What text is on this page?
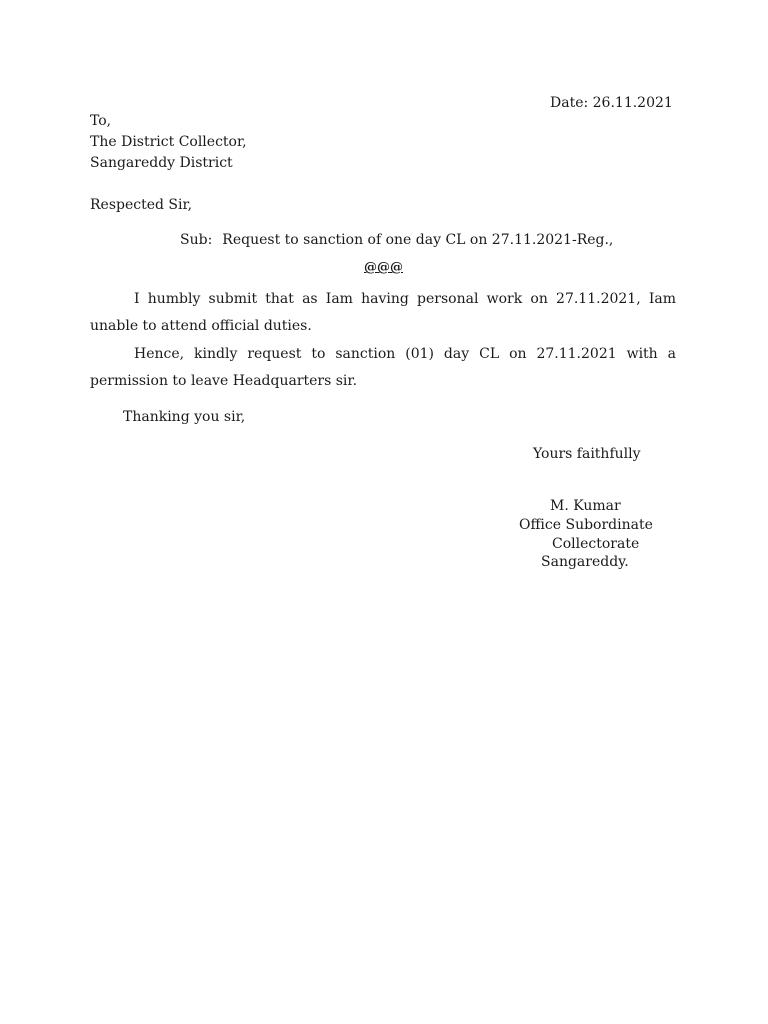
Date: 26.11.2021
To,
The District Collector,
Sangareddy District
Respected Sir,
Sub: Request to sanction of one day CL on 27.11.2021-Reg.,
@@@
I humbly submit that as Iam having personal work on 27.11.2021, Iam unable to attend official duties.
Hence, kindly request to sanction (01) day CL on 27.11.2021 with a permission to leave Headquarters sir.
Thanking you sir,
Yours faithfully
M. Kumar
Office Subordinate
Collectorate
Sangareddy.
